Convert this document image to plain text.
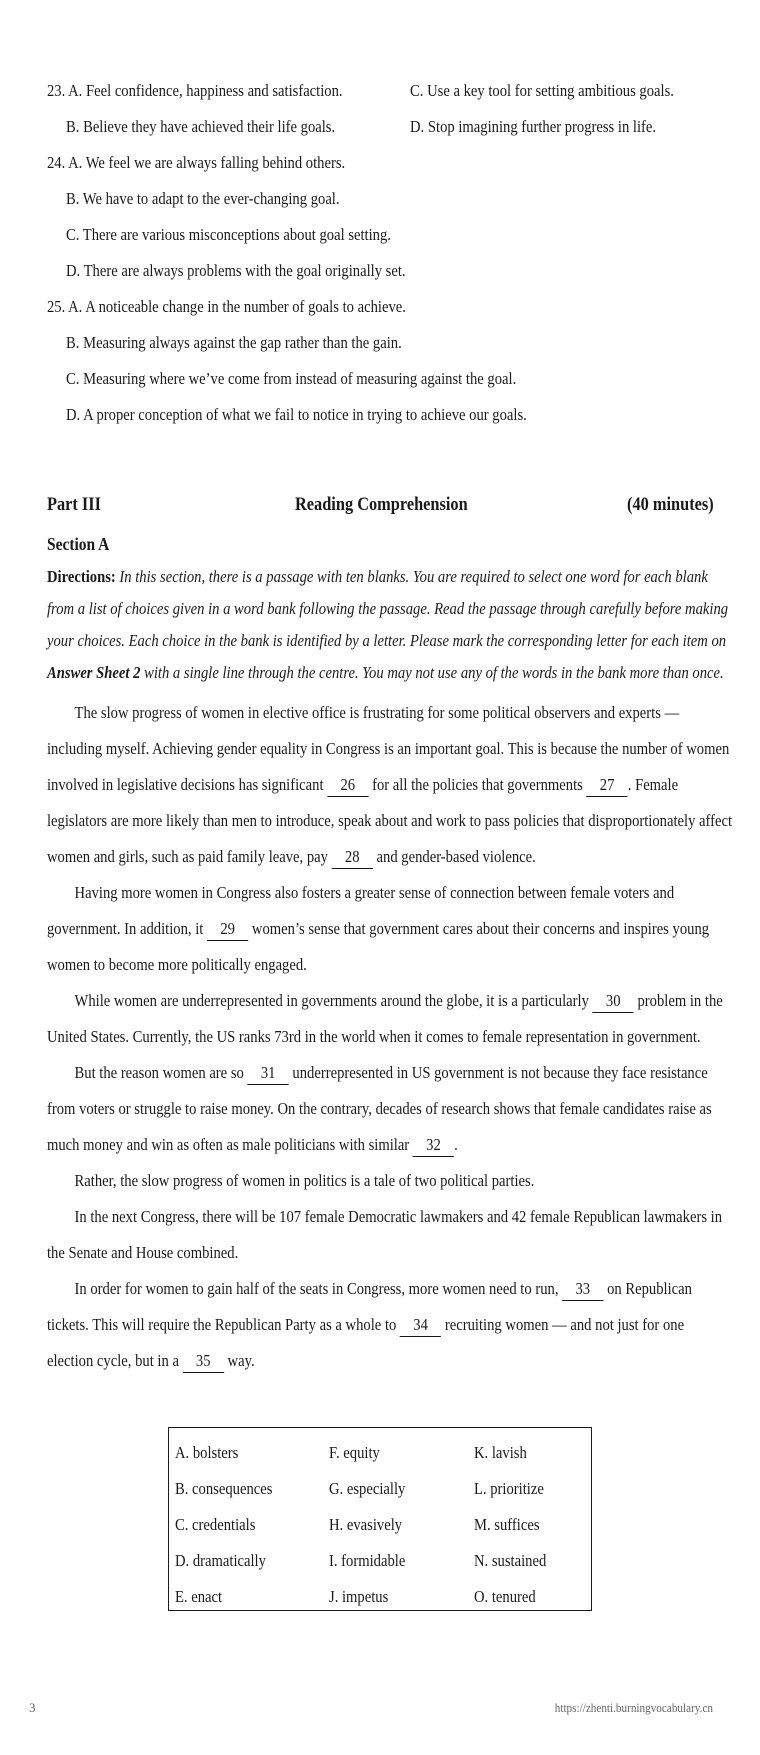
23. A. Feel confidence, happiness and satisfaction.	C. Use a key tool for setting ambitious goals.
B. Believe they have achieved their life goals.	D. Stop imagining further progress in life.
24. A. We feel we are always falling behind others.
B. We have to adapt to the ever-changing goal.
C. There are various misconceptions about goal setting.
D. There are always problems with the goal originally set.
25. A. A noticeable change in the number of goals to achieve.
B. Measuring always against the gap rather than the gain.
C. Measuring where we’ve come from instead of measuring against the goal.
D. A proper conception of what we fail to notice in trying to achieve our goals.
Part III	Reading Comprehension	(40 minutes)
Section A
Directions: In this section, there is a passage with ten blanks. You are required to select one word for each blank
from a list of choices given in a word bank following the passage. Read the passage through carefully before making
your choices. Each choice in the bank is identified by a letter. Please mark the corresponding letter for each item on
Answer Sheet 2 with a single line through the centre. You may not use any of the words in the bank more than once.
The slow progress of women in elective office is frustrating for some political observers and experts —
including myself. Achieving gender equality in Congress is an important goal. This is because the number of women
involved in legislative decisions has significant 26 for all the policies that governments 27 . Female
legislators are more likely than men to introduce, speak about and work to pass policies that disproportionately affect
women and girls, such as paid family leave, pay 28 and gender-based violence.
Having more women in Congress also fosters a greater sense of connection between female voters and
government. In addition, it 29 women’s sense that government cares about their concerns and inspires young
women to become more politically engaged.
While women are underrepresented in governments around the globe, it is a particularly 30 problem in the
United States. Currently, the US ranks 73rd in the world when it comes to female representation in government.
But the reason women are so 31 underrepresented in US government is not because they face resistance
from voters or struggle to raise money. On the contrary, decades of research shows that female candidates raise as
much money and win as often as male politicians with similar 32 .
Rather, the slow progress of women in politics is a tale of two political parties.
In the next Congress, there will be 107 female Democratic lawmakers and 42 female Republican lawmakers in
the Senate and House combined.
In order for women to gain half of the seats in Congress, more women need to run, 33 on Republican
tickets. This will require the Republican Party as a whole to 34 recruiting women — and not just for one
election cycle, but in a 35 way.
A. bolsters	F. equity	K. lavish
B. consequences	G. especially	L. prioritize
C. credentials	H. evasively	M. suffices
D. dramatically	I. formidable	N. sustained
E. enact	J. impetus	O. tenured
3	https://zhenti.burningvocabulary.cn
